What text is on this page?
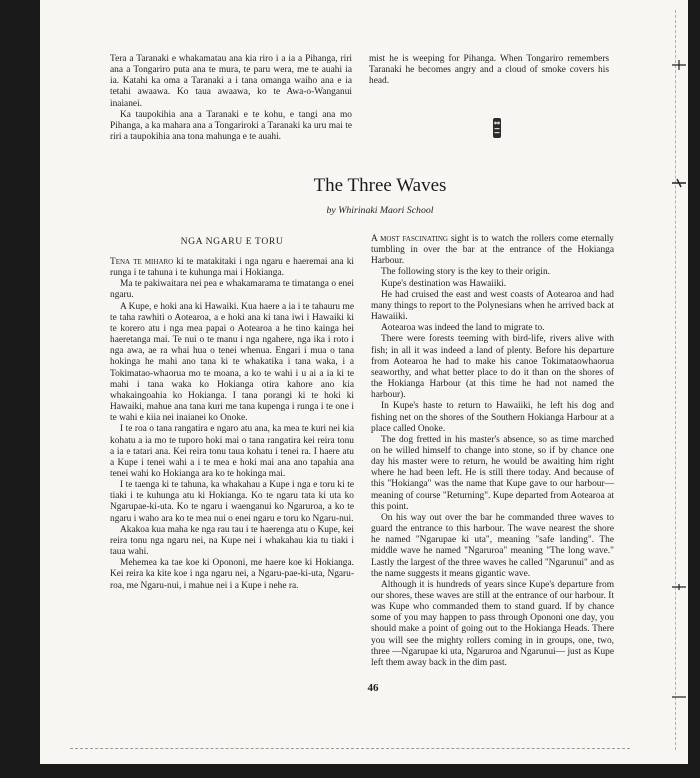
Tera a Taranaki e whakamatau ana kia riro i a ia a Pihanga, riri ana a Tongariro puta ana te mura, te paru wera, me te auahi ia ia. Katahi ka oma a Taranaki a i tana omanga waiho ana e ia tetahi awaawa. Ko taua awaawa, ko te Awa-o-Wanganui inaianei.

Ka taupokihia ana a Taranaki e te kohu, e tangi ana mo Pihanga, a ka mahara ana a Tongariroki a Taranaki ka uru mai te riri a taupokihia ana tona mahunga e te auahi.

mist he is weeping for Pihanga. When Tongariro remembers Taranaki he becomes angry and a cloud of smoke covers his head.

The Three Waves
by Whirinaki Maori School
NGA NGARU E TORU

Tena te miharo ki te matakitaki i nga ngaru e haeremai ana ki runga i te tahuna i te kuhunga mai i Hokianga.

Ma te pakiwaitara nei pea e whakamarama te timatanga o enei ngaru.

A Kupe, e hoki ana ki Hawaiki. Kua haere a ia i te tahauru me te taha rawhiti o Aotearoa, a e hoki ana ki tana iwi i Hawaiki ki te korero atu i nga mea papai o Aotearoa a he tino kainga hei haeretanga mai. Te nui o te manu i nga ngahere, nga ika i roto i nga awa, ae ra whai hua o tenei whenua. Engari i mua o tana hokinga he mahi ano tana ki te whakatika i tana waka, i a Tokimatao-whaorua mo te moana, a ko te wahi i u ai a ia ki te mahi i tana waka ko Hokianga otira kahore ano kia whakaingoahia ko Hokianga. I tana porangi ki te hoki ki Hawaiki, mahue ana tana kuri me tana kupenga i runga i te one i te wahi e kiia nei inaianei ko Onoke.

I te roa o tana rangatira e ngaro atu ana, ka mea te kuri nei kia kohatu a ia mo te tuporo hoki mai o tana rangatira kei reira tonu a ia e tatari ana. Kei reira tonu taua kohatu i tenei ra. I haere atu a Kupe i tenei wahi a i te mea e hoki mai ana ano tapahia ana tenei wahi ko Hokianga ara ko te hokinga mai.

I te taenga ki te tahuna, ka whakahau a Kupe i nga e toru ki te tiaki i te kuhunga atu ki Hokianga. Ko te ngaru tata ki uta ko Ngarupae-ki-uta. Ko te ngaru i waenganui ko Ngaruroa, a ko te ngaru i waho ara ko te mea nui o enei ngaru e toru ko Ngaru-nui.

Akakoa kua maha ke nga rau tau i te haerenga atu o Kupe, kei reira tonu nga ngaru nei, na Kupe nei i whakahau kia tu tiaki i taua wahi.

Mehemea ka tae koe ki Opononi, me haere koe ki Hokianga. Kei reira ka kite koe i nga ngaru nei, a Ngaru-pae-ki-uta, Ngaru-roa, me Ngaru-nui, i mahue nei i a Kupe i nehe ra.

A most fascinating sight is to watch the rollers come eternally tumbling in over the bar at the entrance of the Hokianga Harbour.

The following story is the key to their origin.

Kupe's destination was Hawaiiki.

He had cruised the east and west coasts of Aotearoa and had many things to report to the Polynesians when he arrived back at Hawaiiki.

Aotearoa was indeed the land to migrate to.

There were forests teeming with bird-life, rivers alive with fish; in all it was indeed a land of plenty. Before his departure from Aotearoa he had to make his canoe Tokimataowhaorua seaworthy, and what better place to do it than on the shores of the Hokianga Harbour (at this time he had not named the harbour).

In Kupe's haste to return to Hawaiiki, he left his dog and fishing net on the shores of the Southern Hokianga Harbour at a place called Onoke.

The dog fretted in his master's absence, so as time marched on he willed himself to change into stone, so if by chance one day his master were to return, he would be awaiting him right where he had been left. He is still there today. And because of this "Hokianga" was the name that Kupe gave to our harbour—meaning of course "Returning". Kupe departed from Aotearoa at this point.

On his way out over the bar he commanded three waves to guard the entrance to this harbour. The wave nearest the shore he named "Ngarupae ki uta", meaning "safe landing". The middle wave he named "Ngaruroa" meaning "The long wave." Lastly the largest of the three waves he called "Ngarunui" and as the name suggests it means gigantic wave.

Although it is hundreds of years since Kupe's departure from our shores, these waves are still at the entrance of our harbour. It was Kupe who commanded them to stand guard. If by chance some of you may happen to pass through Opononi one day, you should make a point of going out to the Hokianga Heads. There you will see the mighty rollers coming in in groups, one, two, three —Ngarupae ki uta, Ngaruroa and Ngarunui— just as Kupe left them away back in the dim past.

46
